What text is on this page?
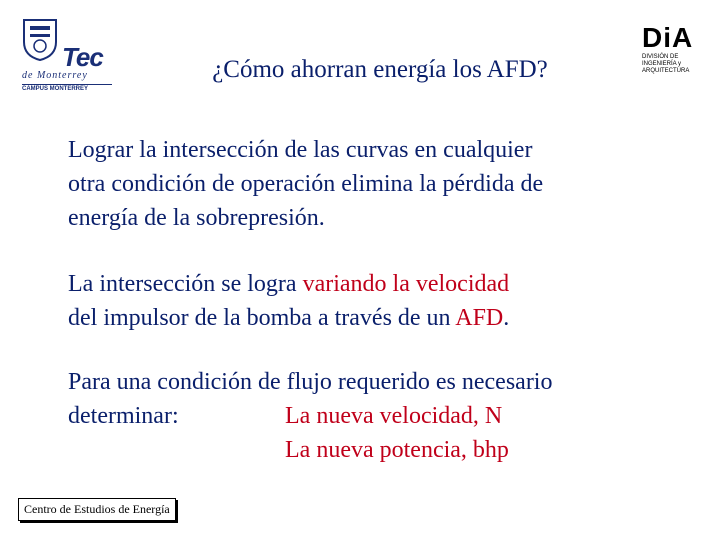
Tec
de Monterrey
CAMPUS MONTERREY
DiA
DIVISIÓN DE
INGENIERÍA y
ARQUITECTURA
¿Cómo ahorran energía los AFD?
Lograr la intersección de las curvas en cualquier
otra condición de operación elimina la pérdida de
energía de la sobrepresión.
La intersección se logra variando la velocidad
del impulsor de la bomba a través de un AFD.
Para una condición de flujo requerido es necesario
determinar:	La nueva velocidad, N
La nueva potencia, bhp
Centro de Estudios de Energía
